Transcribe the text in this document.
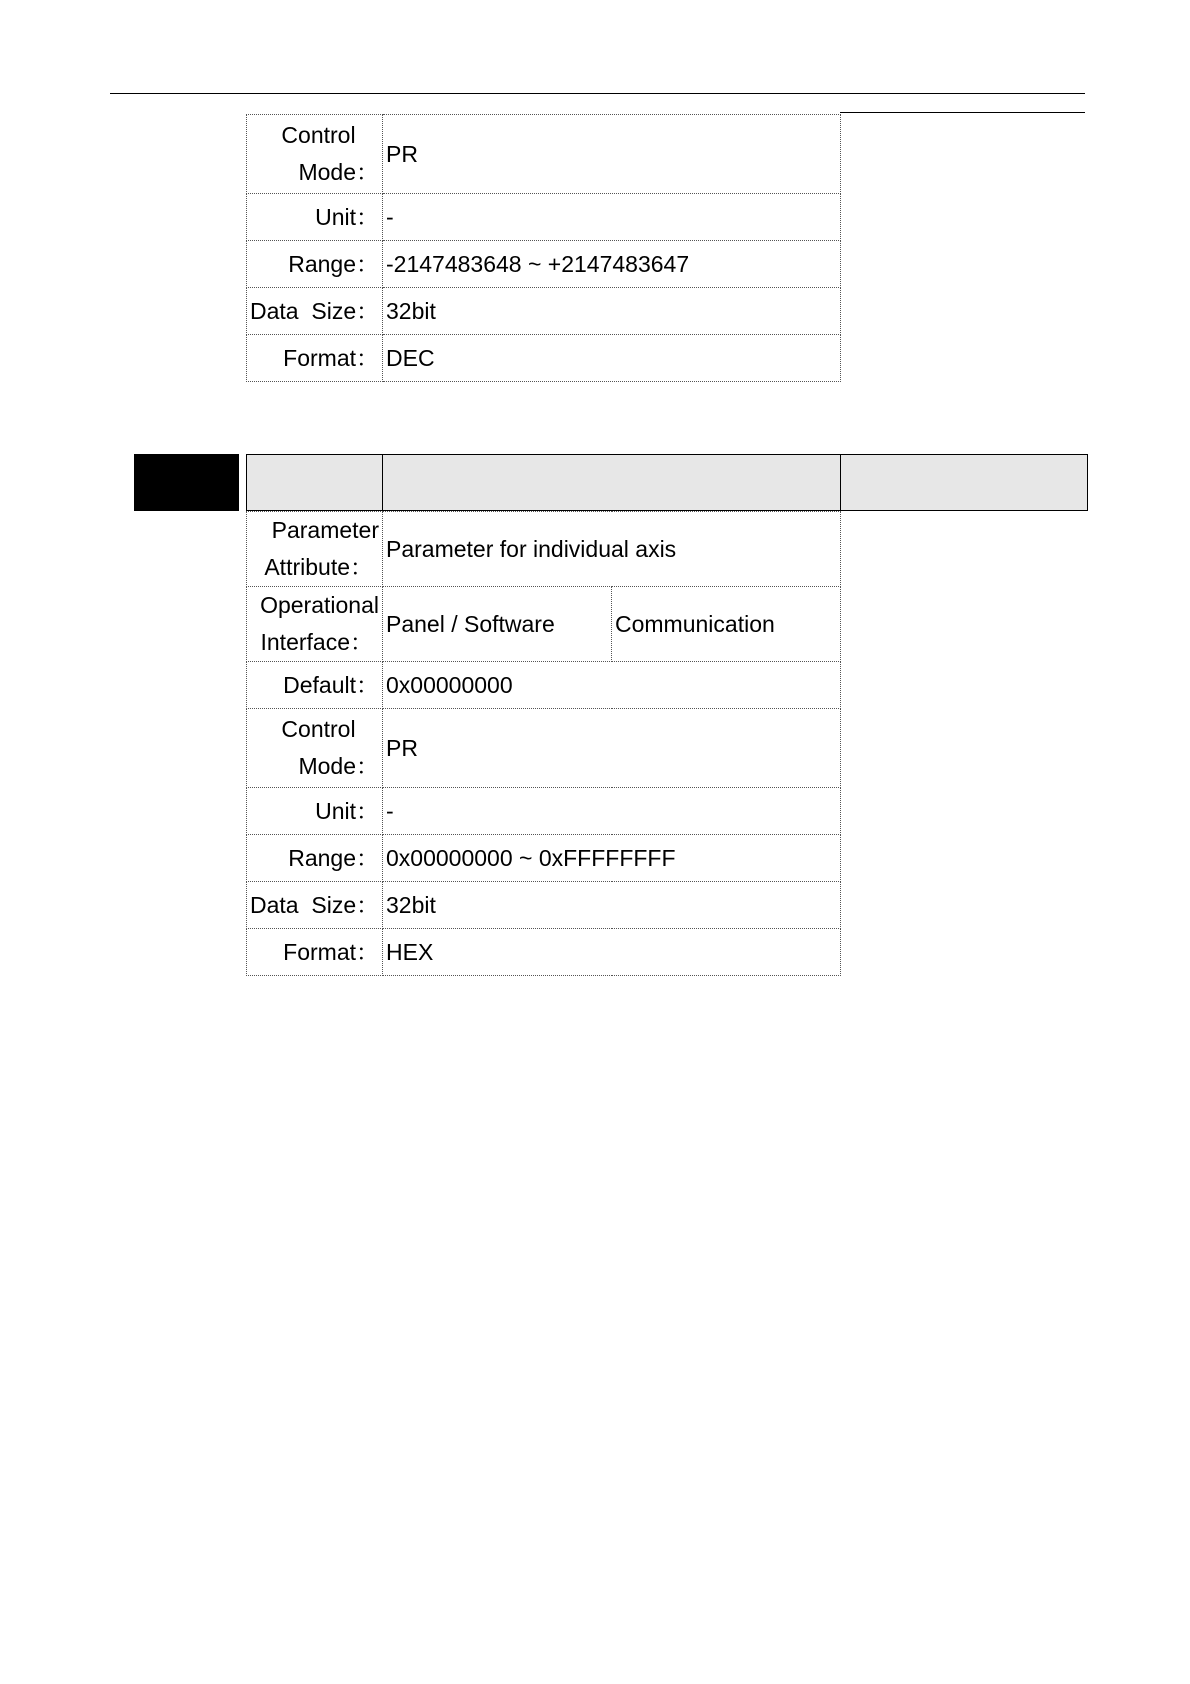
Control
Mode：	PR
Unit：	-
Range：	-2147483648 ~ +2147483647
Data  Size：	32bit
Format：	DEC
Parameter
Attribute：	Parameter for individual axis	

Operational
Interface：	Panel / Software	Communication
Default：	0x00000000	

Control
Mode：	PR	
Unit：	-	
Range：	0x00000000 ~ 0xFFFFFFFF	
Data  Size：	32bit	
Format：	HEX	
